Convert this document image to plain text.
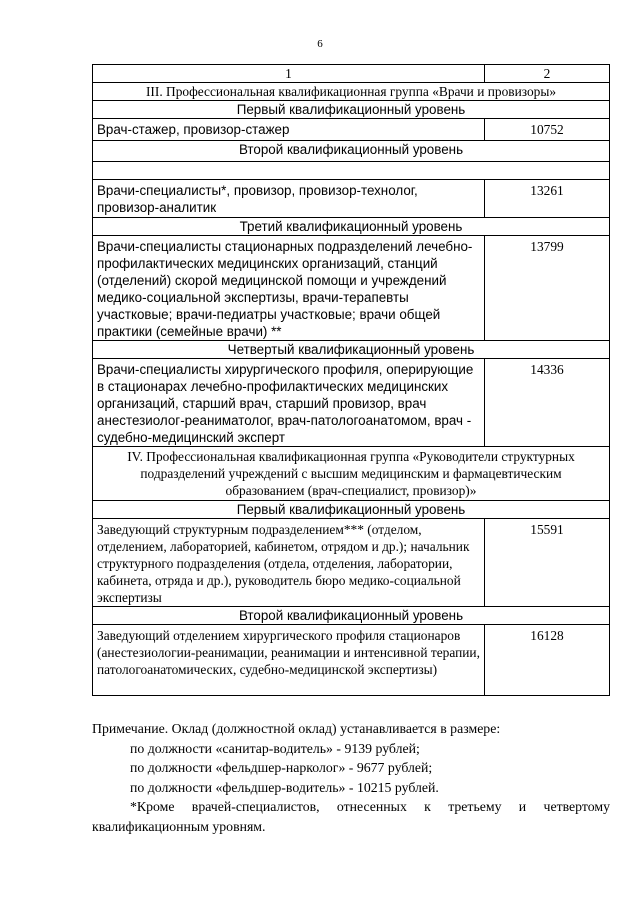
6
1	2
III. Профессиональная квалификационная группа «Врачи и провизоры»	
Первый квалификационный уровень	
Врач-стажер, провизор-стажер	10752
Второй квалификационный уровень	

Врачи-специалисты*, провизор, провизор-технолог, провизор-аналитик	13261
Третий квалификационный уровень	
Врачи-специалисты стационарных подразделений лечебно-профилактических медицинских организаций, станций (отделений) скорой медицинской помощи и учреждений медико-социальной экспертизы, врачи-терапевты участковые; врачи-педиатры участковые; врачи общей практики (семейные врачи) **	13799
Четвертый квалификационный уровень	
Врачи-специалисты хирургического профиля, оперирующие в стационарах лечебно-профилактических медицинских организаций, старший врач, старший провизор, врач анестезиолог-реаниматолог, врач-патологоанатомом, врач - судебно-медицинский эксперт	14336
IV. Профессиональная квалификационная группа «Руководители структурных подразделений учреждений с высшим медицинским и фармацевтическим образованием (врач-специалист, провизор)»	
Первый квалификационный уровень	
Заведующий структурным подразделением*** (отделом, отделением, лабораторией, кабинетом, отрядом и др.); начальник структурного подразделения (отдела, отделения, лаборатории, кабинета, отряда и др.), руководитель бюро медико-социальной экспертизы	15591
Второй квалификационный уровень	
Заведующий отделением хирургического профиля стационаров (анестезиологии-реанимации, реанимации и интенсивной терапии, патологоанатомических, судебно-медицинской экспертизы)	16128

Примечание. Оклад (должностной оклад) устанавливается в размере:

по должности «санитар-водитель» - 9139 рублей;

по должности «фельдшер-нарколог» - 9677 рублей;

по должности «фельдшер-водитель» - 10215 рублей.

*Кроме врачей-специалистов, отнесенных к третьему и четвертому квалификационным уровням.
